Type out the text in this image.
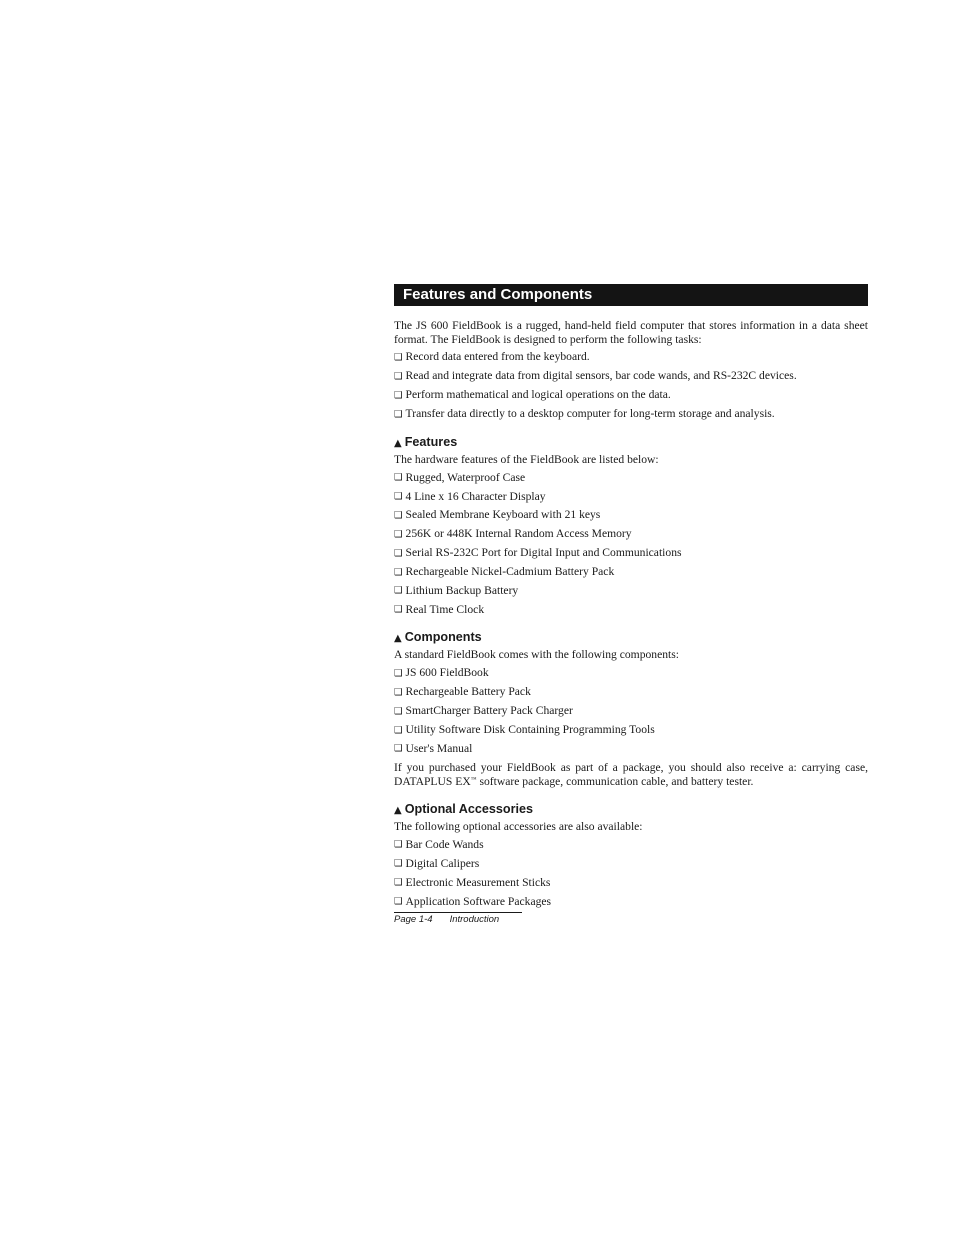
Features and Components

The JS 600 FieldBook is a rugged, hand-held field computer that stores information in a data sheet format. The FieldBook is designed to perform the following tasks:

❑ Record data entered from the keyboard.
❑ Read and integrate data from digital sensors, bar code wands, and RS-232C devices.
❑ Perform mathematical and logical operations on the data.
❑ Transfer data directly to a desktop computer for long-term storage and analysis.
▲ Features

The hardware features of the FieldBook are listed below:

❑ Rugged, Waterproof Case
❑ 4 Line x 16 Character Display
❑ Sealed Membrane Keyboard with 21 keys
❑ 256K or 448K Internal Random Access Memory
❑ Serial RS-232C Port for Digital Input and Communications
❑ Rechargeable Nickel-Cadmium Battery Pack
❑ Lithium Backup Battery
❑ Real Time Clock
▲ Components

A standard FieldBook comes with the following components:

❑ JS 600 FieldBook
❑ Rechargeable Battery Pack
❑ SmartCharger Battery Pack Charger
❑ Utility Software Disk Containing Programming Tools
❑ User's Manual

If you purchased your FieldBook as part of a package, you should also receive a: carrying case, DATAPLUS EX™ software package, communication cable, and battery tester.

▲ Optional Accessories

The following optional accessories are also available:

❑ Bar Code Wands
❑ Digital Calipers
❑ Electronic Measurement Sticks
❑ Application Software Packages
Page 1-4 Introduction
